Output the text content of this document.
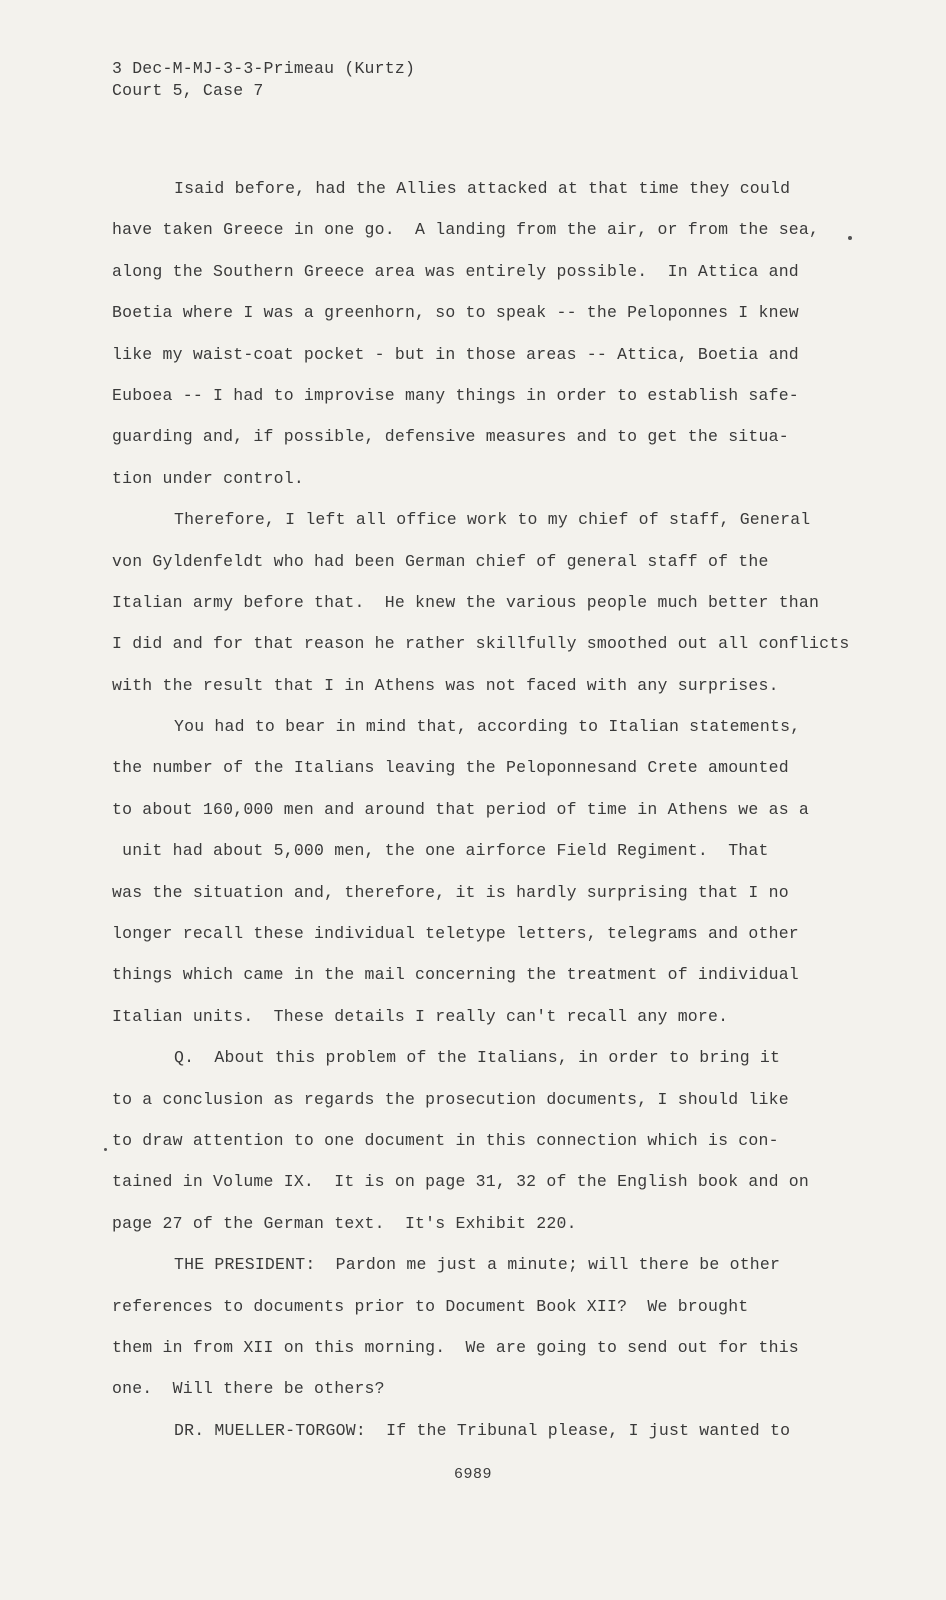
3 Dec-M-MJ-3-3-Primeau (Kurtz)
Court 5, Case 7
Isaid before, had the Allies attacked at that time they could
have taken Greece in one go.  A landing from the air, or from the sea,
along the Southern Greece area was entirely possible.  In Attica and
Boetia where I was a greenhorn, so to speak -- the Peloponnes I knew
like my waist-coat pocket - but in those areas -- Attica, Boetia and
Euboea -- I had to improvise many things in order to establish safe-
guarding and, if possible, defensive measures and to get the situa-
tion under control.
Therefore, I left all office work to my chief of staff, General
von Gyldenfeldt who had been German chief of general staff of the
Italian army before that.  He knew the various people much better than
I did and for that reason he rather skillfully smoothed out all conflicts
with the result that I in Athens was not faced with any surprises.
You had to bear in mind that, according to Italian statements,
the number of the Italians leaving the Peloponnesand Crete amounted
to about 160,000 men and around that period of time in Athens we as a
unit had about 5,000 men, the one airforce Field Regiment.  That
was the situation and, therefore, it is hardly surprising that I no
longer recall these individual teletype letters, telegrams and other
things which came in the mail concerning the treatment of individual
Italian units.  These details I really can't recall any more.
Q.  About this problem of the Italians, in order to bring it
to a conclusion as regards the prosecution documents, I should like
to draw attention to one document in this connection which is con-
tained in Volume IX.  It is on page 31, 32 of the English book and on
page 27 of the German text.  It's Exhibit 220.
THE PRESIDENT:  Pardon me just a minute; will there be other
references to documents prior to Document Book XII?  We brought
them in from XII on this morning.  We are going to send out for this
one.  Will there be others?
DR. MUELLER-TORGOW:  If the Tribunal please, I just wanted to
6989
